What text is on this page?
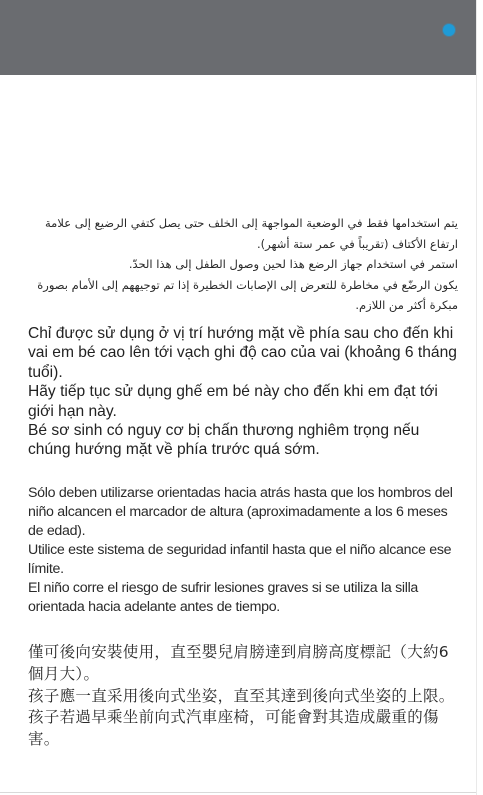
يتم استخدامها فقط في الوضعية المواجهة إلى الخلف حتى يصل كتفي الرضيع إلى علامة ارتفاع الأكتاف (تقريباً في عمر ستة أشهر).

استمر في استخدام جهاز الرضع هذا لحين وصول الطفل إلى هذا الحدّ.

يكون الرضّع في مخاطرة للتعرض إلى الإصابات الخطيرة إذا تم توجيههم إلى الأمام بصورة مبكرة أكثر من اللازم.

Chỉ được sử dụng ở vị trí hướng mặt về phía sau cho đến khi vai em bé cao lên tới vạch ghi độ cao của vai (khoảng 6 tháng tuổi).

Hãy tiếp tục sử dụng ghế em bé này cho đến khi em đạt tới giới hạn này.

Bé sơ sinh có nguy cơ bị chấn thương nghiêm trọng nếu chúng hướng mặt về phía trước quá sớm.

Sólo deben utilizarse orientadas hacia atrás hasta que los hombros del niño alcancen el marcador de altura (aproximadamente a los 6 meses de edad).

Utilice este sistema de seguridad infantil hasta que el niño alcance ese límite.

El niño corre el riesgo de sufrir lesiones graves si se utiliza la silla orientada hacia adelante antes de tiempo.

僅可後向安裝使用，直至嬰兒肩膀達到肩膀高度標記（大約6個月大）。

孩子應一直采用後向式坐姿，直至其達到後向式坐姿的上限。

孩子若過早乘坐前向式汽車座椅，可能會對其造成嚴重的傷害。
